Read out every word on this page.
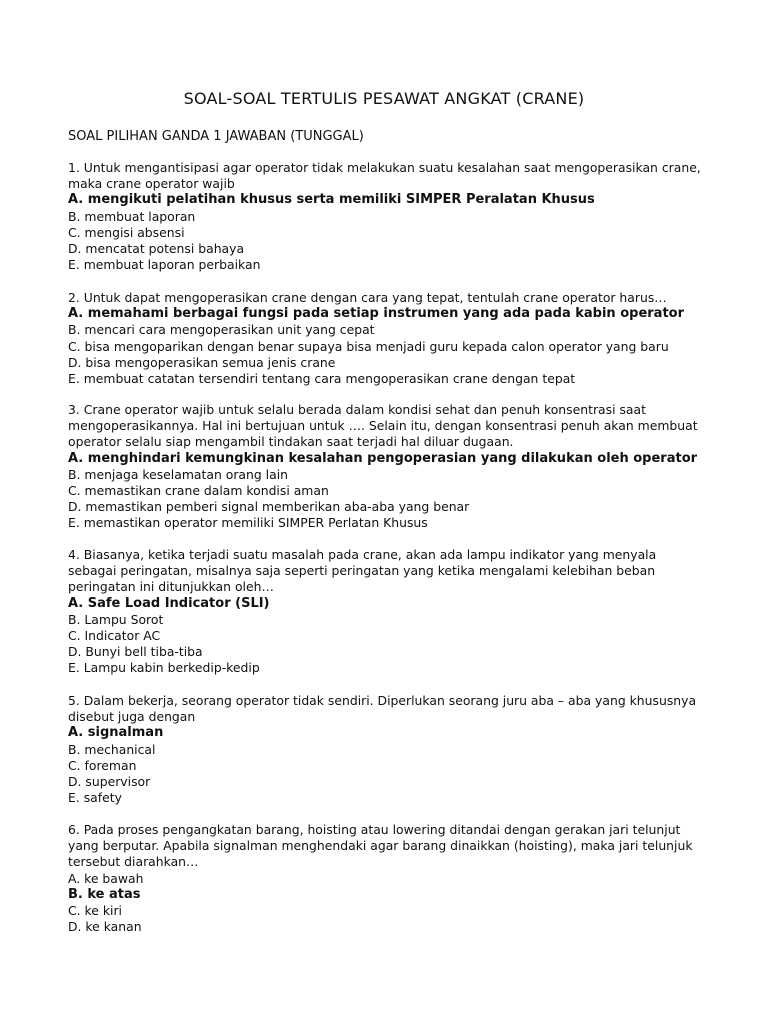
SOAL-SOAL TERTULIS PESAWAT ANGKAT (CRANE)
SOAL PILIHAN GANDA 1 JAWABAN (TUNGGAL)
1. Untuk mengantisipasi agar operator tidak melakukan suatu kesalahan saat mengoperasikan crane, maka crane operator wajib
A. mengikuti pelatihan khusus serta memiliki SIMPER Peralatan Khusus
B. membuat laporan
C. mengisi absensi
D. mencatat potensi bahaya
E. membuat laporan perbaikan
2. Untuk dapat mengoperasikan crane dengan cara yang tepat, tentulah crane operator harus…
A. memahami berbagai fungsi pada setiap instrumen yang ada pada kabin operator
B. mencari cara mengoperasikan unit yang cepat
C. bisa mengoparikan dengan benar supaya bisa menjadi guru kepada calon operator yang baru
D. bisa mengoperasikan semua jenis crane
E. membuat catatan tersendiri tentang cara mengoperasikan crane dengan tepat
3. Crane operator wajib untuk selalu berada dalam kondisi sehat dan penuh konsentrasi saat mengoperasikannya. Hal ini bertujuan untuk …. Selain itu, dengan konsentrasi penuh akan membuat operator selalu siap mengambil tindakan saat terjadi hal diluar dugaan.
A. menghindari kemungkinan kesalahan pengoperasian yang dilakukan oleh operator
B. menjaga keselamatan orang lain
C. memastikan crane dalam kondisi aman
D. memastikan pemberi signal memberikan aba-aba yang benar
E. memastikan operator memiliki SIMPER Perlatan Khusus
4. Biasanya, ketika terjadi suatu masalah pada crane, akan ada lampu indikator yang menyala sebagai peringatan, misalnya saja seperti peringatan yang ketika mengalami kelebihan beban peringatan ini ditunjukkan oleh…
A. Safe Load Indicator (SLI)
B. Lampu Sorot
C. Indicator AC
D. Bunyi bell tiba-tiba
E. Lampu kabin berkedip-kedip
5. Dalam bekerja, seorang operator tidak sendiri. Diperlukan seorang juru aba – aba yang khususnya disebut juga dengan
A. signalman
B. mechanical
C. foreman
D. supervisor
E. safety
6. Pada proses pengangkatan barang, hoisting atau lowering ditandai dengan gerakan jari telunjut yang berputar. Apabila signalman menghendaki agar barang dinaikkan (hoisting), maka jari telunjuk tersebut diarahkan…
A. ke bawah
B. ke atas
C. ke kiri
D. ke kanan
